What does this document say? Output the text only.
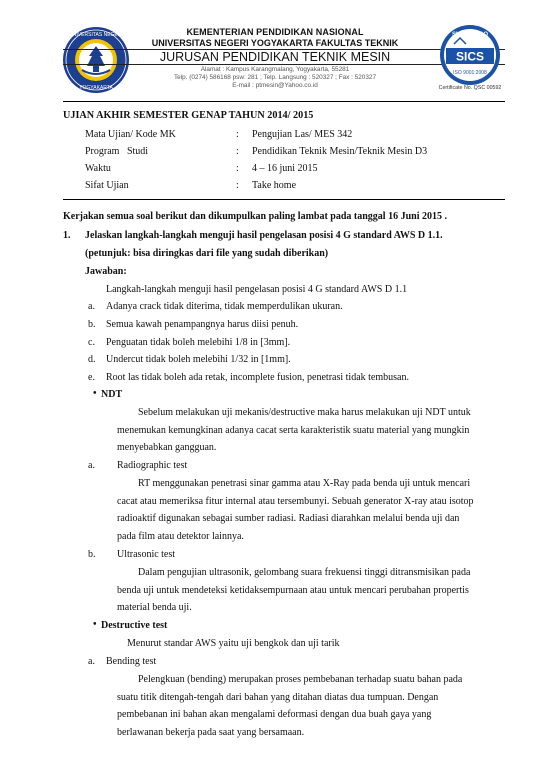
UNIVERSITAS NEGERI
YOGYAKARTA
KEMENTERIAN PENDIDIKAN NASIONAL
UNIVERSITAS NEGERI YOGYAKARTA FAKULTAS TEKNIK
JURUSAN PENDIDIKAN TEKNIK MESIN
Alamat : Kampus Karangmalang, Yogyakarta, 55281
Telp. (0274) 586168 psw: 281 ; Telp. Langsung : 520327 ; Fax : 520327
E-mail : ptmesin@Yahoo.co.id
SICS
SUCOFINDO
ISO 9001:2008
Certificate No. QSC 00592
UJIAN AKHIR SEMESTER GENAP TAHUN 2014/ 2015
Mata Ujian/ Kode MK	: Pengujian Las/ MES 342
Program   Studi	: Pendidikan Teknik Mesin/Teknik Mesin D3
Waktu	: 4 – 16 juni 2015
Sifat Ujian	: Take home
Kerjakan semua soal berikut dan dikumpulkan paling lambat pada tanggal 16 Juni 2015 .
1. Jelaskan langkah-langkah menguji hasil pengelasan posisi 4 G standard AWS D 1.1.
(petunjuk: bisa diringkas dari file yang sudah diberikan)
Jawaban:
Langkah-langkah menguji hasil pengelasan posisi 4 G standard AWS D 1.1
a. Adanya crack tidak diterima, tidak memperdulikan ukuran.
b. Semua kawah penampangnya harus diisi penuh.
c. Penguatan tidak boleh melebihi 1/8 in [3mm].
d. Undercut tidak boleh melebihi 1/32 in [1mm].
e. Root las tidak boleh ada retak, incomplete fusion, penetrasi tidak tembusan.
• NDT
Sebelum melakukan uji mekanis/destructive maka harus melakukan uji NDT untuk
menemukan kemungkinan adanya cacat serta karakteristik suatu material yang mungkin
menyebabkan gangguan.
a. Radiographic test
RT menggunakan penetrasi sinar gamma atau X-Ray pada benda uji untuk mencari
cacat atau memeriksa fitur internal atau tersembunyi. Sebuah generator X-ray atau isotop
radioaktif digunakan sebagai sumber radiasi. Radiasi diarahkan melalui benda uji dan
pada film atau detektor lainnya.
b. Ultrasonic test
Dalam pengujian ultrasonik, gelombang suara frekuensi tinggi ditransmisikan pada
benda uji untuk mendeteksi ketidaksempurnaan atau untuk mencari perubahan propertis
material benda uji.
• Destructive test
Menurut standar AWS yaitu uji bengkok dan uji tarik
a. Bending test
Pelengkuan (bending) merupakan proses pembebanan terhadap suatu bahan pada
suatu titik ditengah-tengah dari bahan yang ditahan diatas dua tumpuan. Dengan
pembebanan ini bahan akan mengalami deformasi dengan dua buah gaya yang
berlawanan bekerja pada saat yang bersamaan.
